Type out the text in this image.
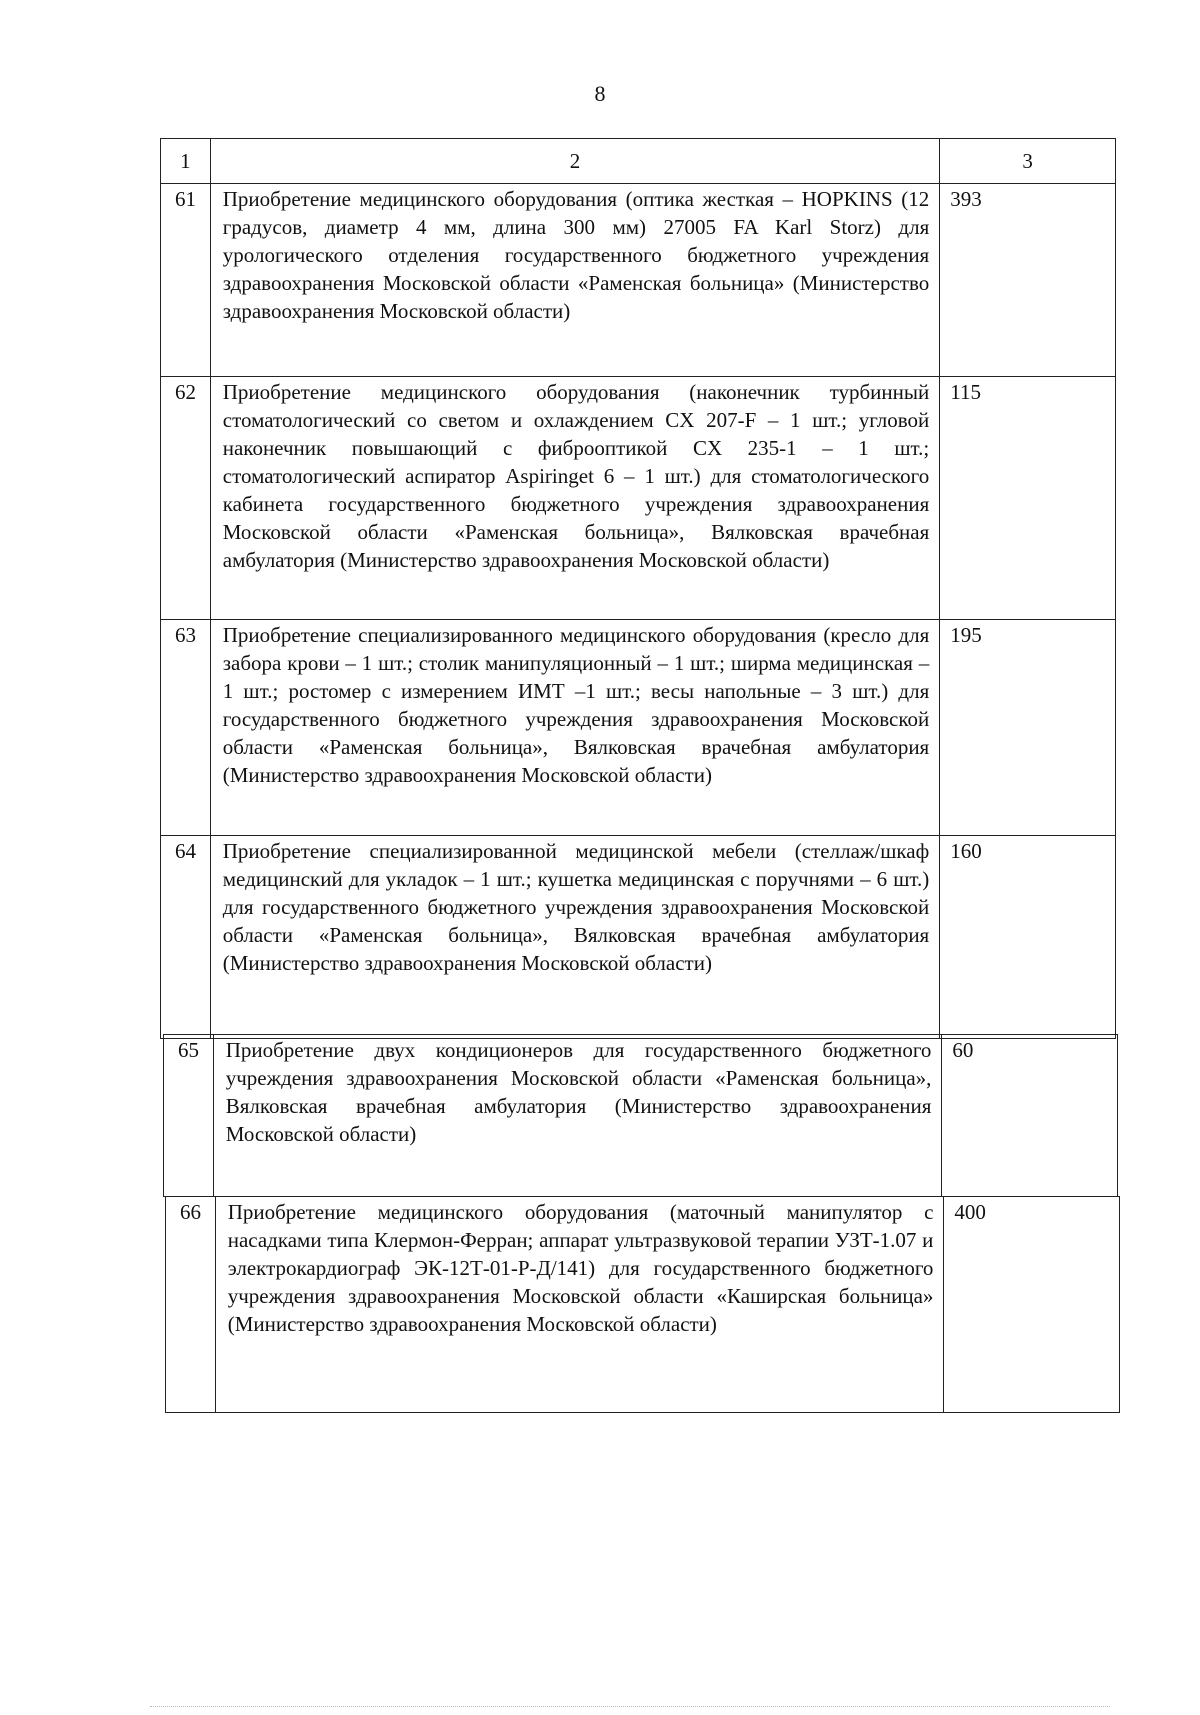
8
1	2	3
61	Приобретение медицинского оборудования (оптика жесткая – HOPKINS (12 градусов, диаметр 4 мм, длина 300 мм) 27005 FA Karl Storz) для урологического отделения государственного бюджетного учреждения здравоохранения Московской области «Раменская больница» (Министерство здравоохранения Московской области)	393
62	Приобретение медицинского оборудования (наконечник турбинный стоматологический со светом и охлаждением CX 207-F – 1 шт.; угловой наконечник повышающий с фиброоптикой CX 235-1 – 1 шт.; стоматологический аспиратор Aspiringet 6 – 1 шт.) для стоматологического кабинета государственного бюджетного учреждения здравоохранения Московской области «Раменская больница», Вялковская врачебная амбулатория (Министерство здравоохранения Московской области)	115
63	Приобретение специализированного медицинского оборудования (кресло для забора крови – 1 шт.; столик манипуляционный – 1 шт.; ширма медицинская – 1 шт.; ростомер с измерением ИМТ –1 шт.; весы напольные – 3 шт.) для государственного бюджетного учреждения здравоохранения Московской области «Раменская больница», Вялковская врачебная амбулатория (Министерство здравоохранения Московской области)	195
64	Приобретение специализированной медицинской мебели (стеллаж/шкаф медицинский для укладок – 1 шт.; кушетка медицинская с поручнями – 6 шт.) для государственного бюджетного учреждения здравоохранения Московской области «Раменская больница», Вялковская врачебная амбулатория (Министерство здравоохранения Московской области)	160
65	Приобретение двух кондиционеров для государственного бюджетного учреждения здравоохранения Московской области «Раменская больница», Вялковская врачебная амбулатория (Министерство здравоохранения Московской области)	60
66	Приобретение медицинского оборудования (маточный манипулятор с насадками типа Клермон-Ферран; аппарат ультразвуковой терапии УЗТ-1.07 и электрокардиограф ЭК-12Т-01-Р-Д/141) для государственного бюджетного учреждения здравоохранения Московской области «Каширская больница» (Министерство здравоохранения Московской области)	400
